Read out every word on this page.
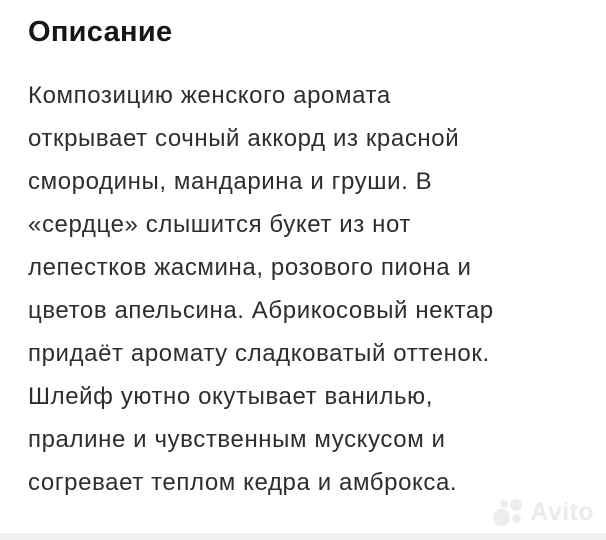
Описание
Композицию женского аромата
открывает сочный аккорд из красной
смородины, мандарина и груши. В
«сердце» слышится букет из нот
лепестков жасмина, розового пиона и
цветов апельсина. Абрикосовый нектар
придаёт аромату сладковатый оттенок.
Шлейф уютно окутывает ванилью,
пралине и чувственным мускусом и
согревает теплом кедра и амброкса.
Avito
